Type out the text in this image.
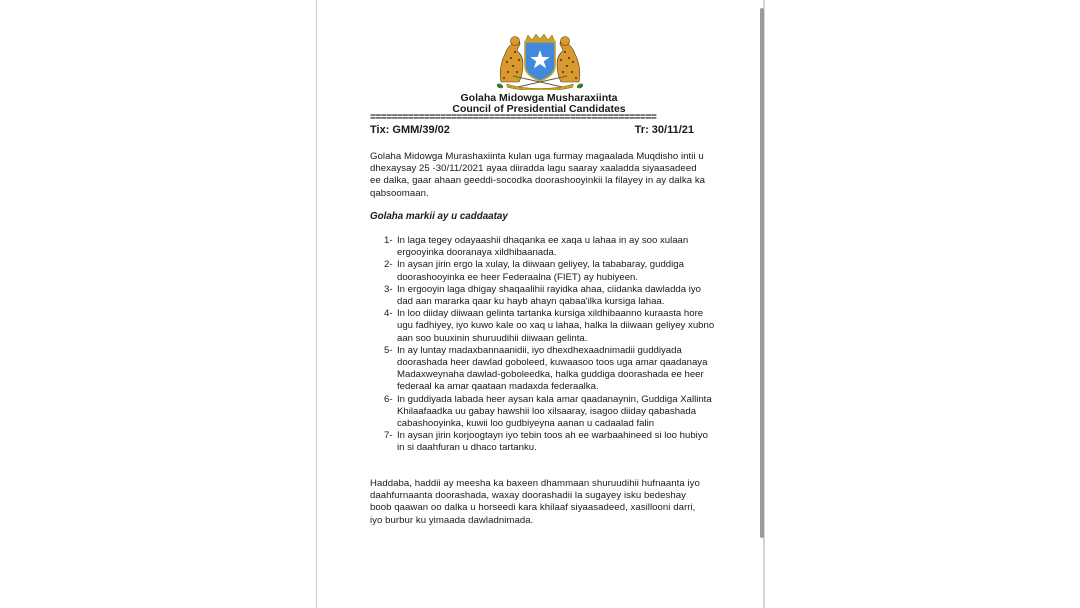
Golaha Midowga Musharaxiintа
Council of Presidential Candidates
=====================================================
Tix: GMM/39/02	Tr: 30/11/21
Golaha Midowga Murashaxiinta kulan uga furmay magaalada Muqdisho intii u dhexaysay 25 -30/11/2021 ayaa diiradda lagu saaray xaaladda siyaasadeed ee dalka, gaar ahaan geeddi-socodka doorashooyinkii la filayey in ay dalka ka qabsoomaan.
Golaha markii ay u caddaatay
1- In laga tegey odayaashii dhaqanka ee xaqa u lahaa in ay soo xulaan ergooyinka dooranaya xildhibaanada.
2- In aysan jirin ergo la xulay, la diiwaan geliyey, la tababaray, guddiga doorashooyinka ee heer Federaalna (FIET) ay hubiyeen.
3- In ergooyin laga dhigay shaqaalihii rayidka ahaa, ciidanka dawladda iyo dad aan mararka qaar ku hayb ahayn qabaa'ilka kursiga lahaa.
4- In loo diiday diiwaan gelinta tartanka kursiga xildhibaanno kuraasta hore ugu fadhiyey, iyo kuwo kale oo xaq u lahaa, halka la diiwaan geliyey xubno aan soo buuxinin shuruudihii diiwaan gelinta.
5- In ay luntay madaxbannaanidii, iyo dhexdhexaadnimadii guddiyada doorashada heer dawlad goboleed, kuwaasoo toos uga amar qaadanaya Madaxweynaha dawlad-goboleedka, halka guddiga doorashada ee heer federaal ka amar qaataan madaxda federaalka.
6- In guddiyada labada heer aysan kala amar qaadanaynin, Guddiga Xallinta Khilaafaadka uu gabay hawshii loo xilsaaray, isagoo diiday qabashada cabashooyinka, kuwii loo gudbiyeyna aanan u cadaalad falin
7- In aysan jirin korjoogtayn iyo tebin toos ah ee warbaahineed si loo hubiyo in si daahfuran u dhaco tartanku.
Haddaba, haddii ay meesha ka baxeen dhammaan shuruudihii hufnaanta iyo daahfurnaanta doorashada, waxay doorashadii la sugayey isku bedeshay boob qaawan oo dalka u horseedi kara khilaaf siyaasadeed, xasillooni darri, iyo burbur ku yimaada dawladnimada.
